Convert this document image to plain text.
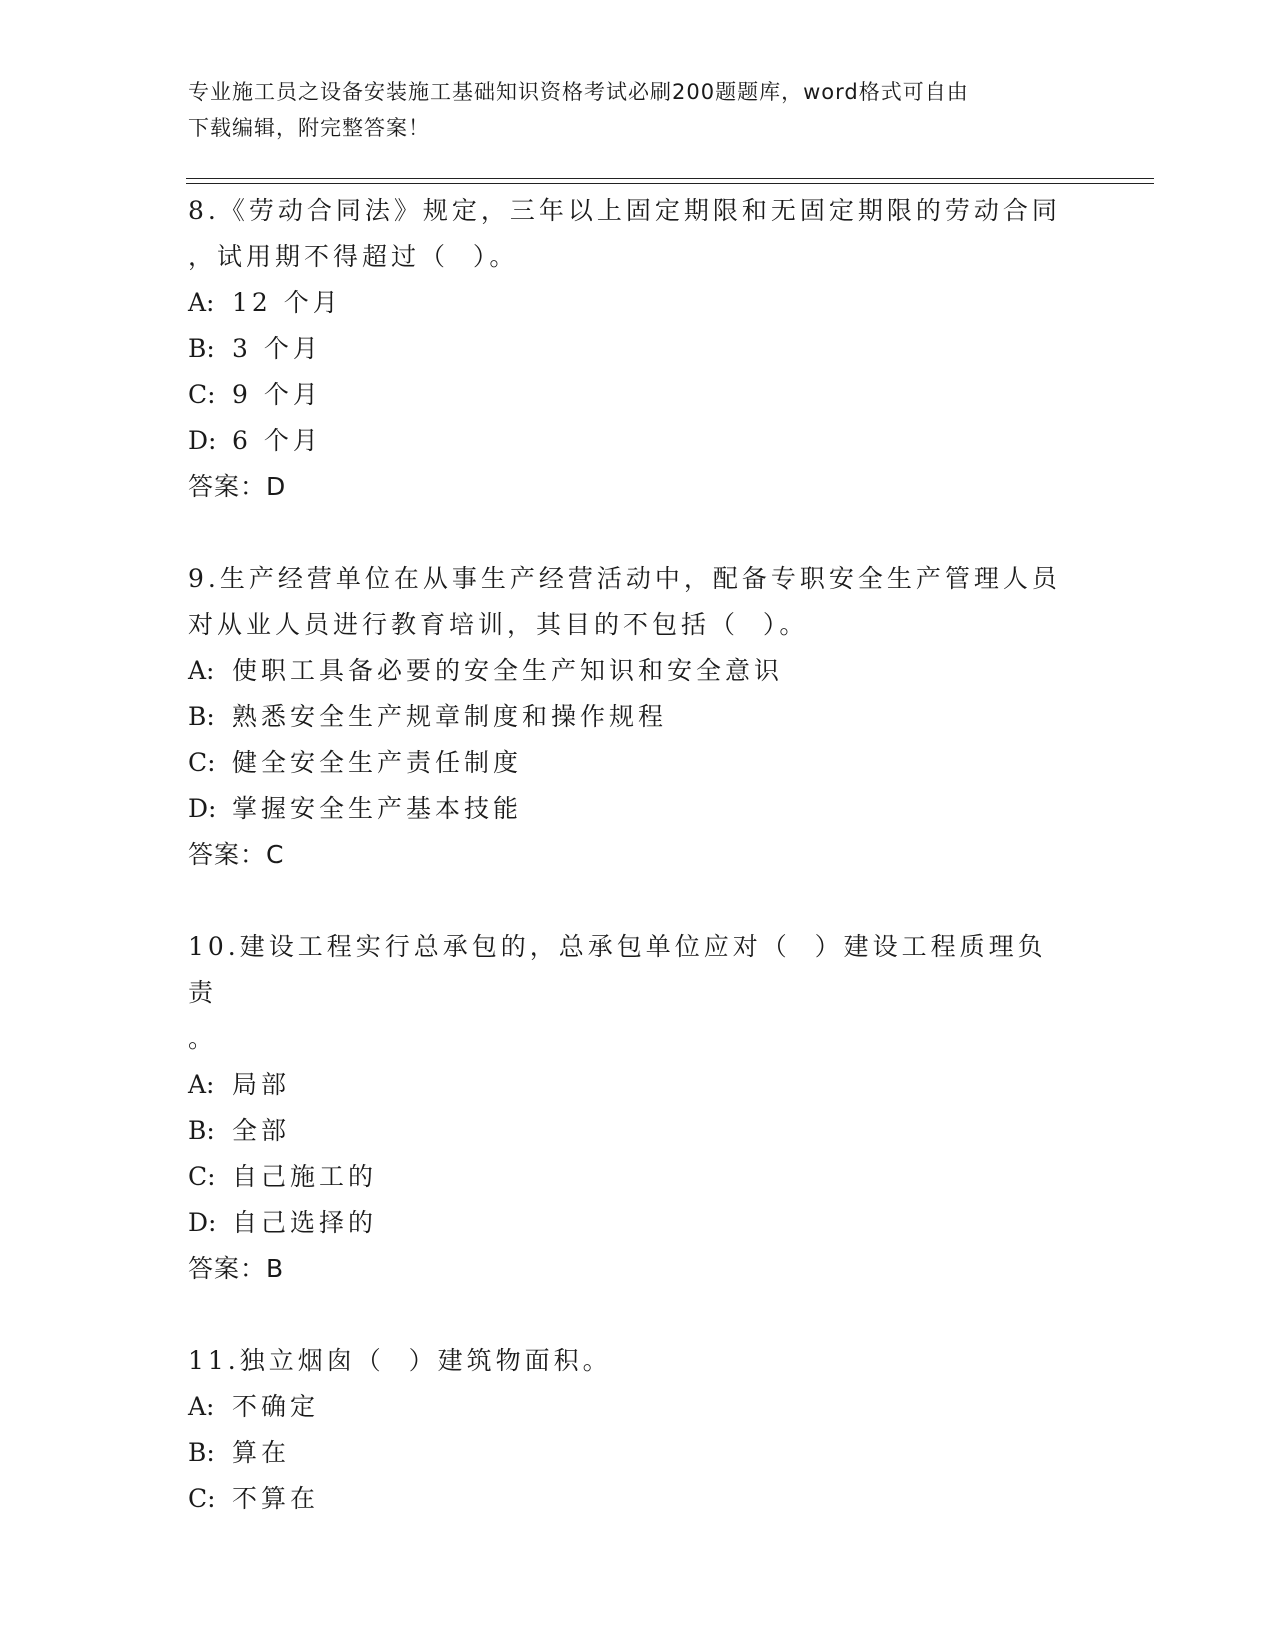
专业施工员之设备安装施工基础知识资格考试必刷200题题库，word格式可自由
下载编辑，附完整答案！
8.《劳动合同法》规定，三年以上固定期限和无固定期限的劳动合同
，试用期不得超过（  ）。
A: 12 个月
B: 3 个月
C: 9 个月
D: 6 个月
答案：D
9.生产经营单位在从事生产经营活动中，配备专职安全生产管理人员
对从业人员进行教育培训，其目的不包括（  ）。
A: 使职工具备必要的安全生产知识和安全意识
B: 熟悉安全生产规章制度和操作规程
C: 健全安全生产责任制度
D: 掌握安全生产基本技能
答案：C
10.建设工程实行总承包的，总承包单位应对（  ）建设工程质理负责
。
A: 局部
B: 全部
C: 自己施工的
D: 自己选择的
答案：B
11.独立烟囱（  ）建筑物面积。
A: 不确定
B: 算在
C: 不算在
